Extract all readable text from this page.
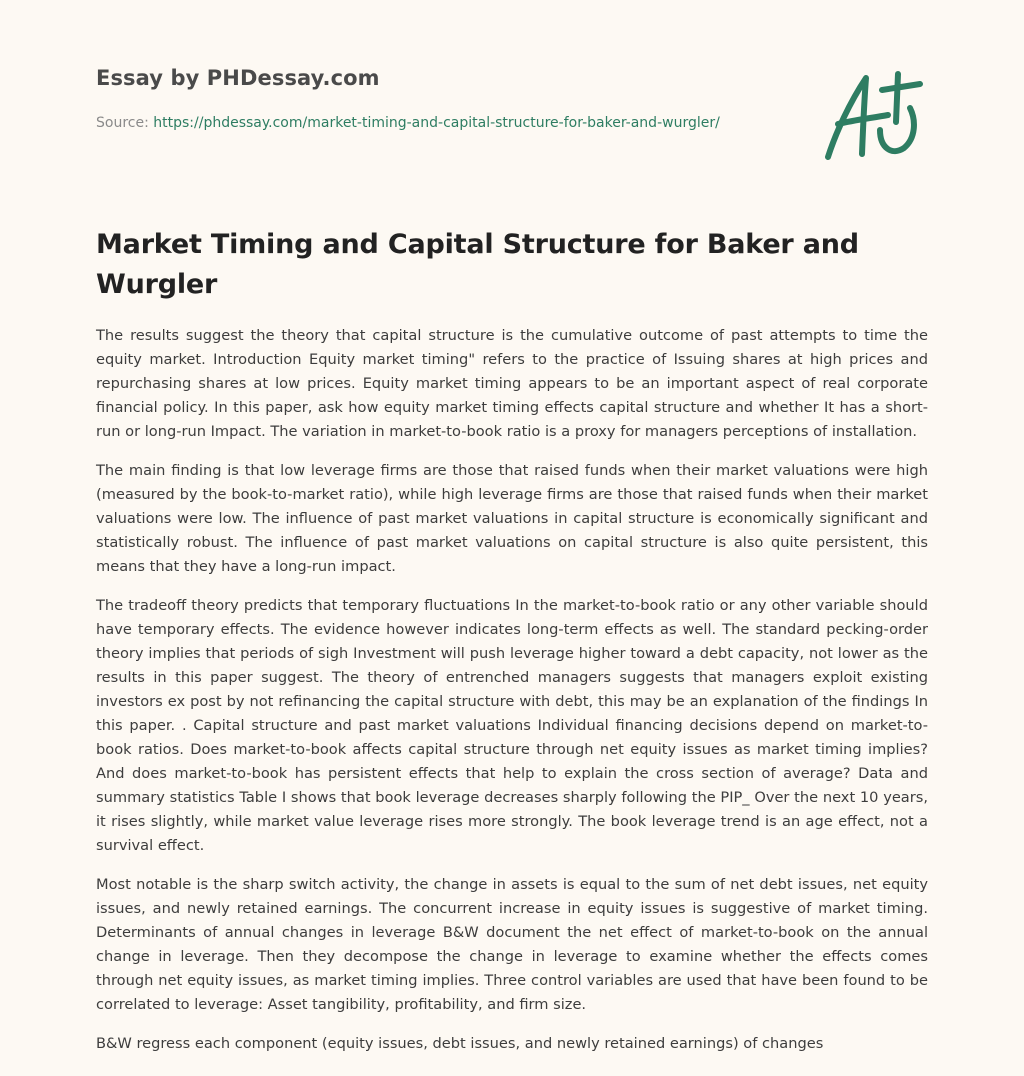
Essay by PHDessay.com
Source: https://phdessay.com/market-timing-and-capital-structure-for-baker-and-wurgler/
Market Timing and Capital Structure for Baker and Wurgler

The results suggest the theory that capital structure is the cumulative outcome of past attempts to time the equity market. Introduction Equity market timing" refers to the practice of Issuing shares at high prices and repurchasing shares at low prices. Equity market timing appears to be an important aspect of real corporate financial policy. In this paper, ask how equity market timing effects capital structure and whether It has a short-run or long-run Impact. The variation in market-to-book ratio is a proxy for managers perceptions of installation.

The main finding is that low leverage firms are those that raised funds when their market valuations were high (measured by the book-to-market ratio), while high leverage firms are those that raised funds when their market valuations were low. The influence of past market valuations in capital structure is economically significant and statistically robust. The influence of past market valuations on capital structure is also quite persistent, this means that they have a long-run impact.

The tradeoff theory predicts that temporary fluctuations In the market-to-book ratio or any other variable should have temporary effects. The evidence however indicates long-term effects as well. The standard pecking-order theory implies that periods of sigh Investment will push leverage higher toward a debt capacity, not lower as the results in this paper suggest. The theory of entrenched managers suggests that managers exploit existing investors ex post by not refinancing the capital structure with debt, this may be an explanation of the findings In this paper. . Capital structure and past market valuations Individual financing decisions depend on market-to-book ratios. Does market-to-book affects capital structure through net equity issues as market timing implies? And does market-to-book has persistent effects that help to explain the cross section of average? Data and summary statistics Table I shows that book leverage decreases sharply following the PIP_ Over the next 10 years, it rises slightly, while market value leverage rises more strongly. The book leverage trend is an age effect, not a survival effect.

Most notable is the sharp switch activity, the change in assets is equal to the sum of net debt issues, net equity issues, and newly retained earnings. The concurrent increase in equity issues is suggestive of market timing. Determinants of annual changes in leverage B&W document the net effect of market-to-book on the annual change in leverage. Then they decompose the change in leverage to examine whether the effects comes through net equity issues, as market timing implies. Three control variables are used that have been found to be correlated to leverage: Asset tangibility, profitability, and firm size.

B&W regress each component (equity issues, debt issues, and newly retained earnings) of changes
